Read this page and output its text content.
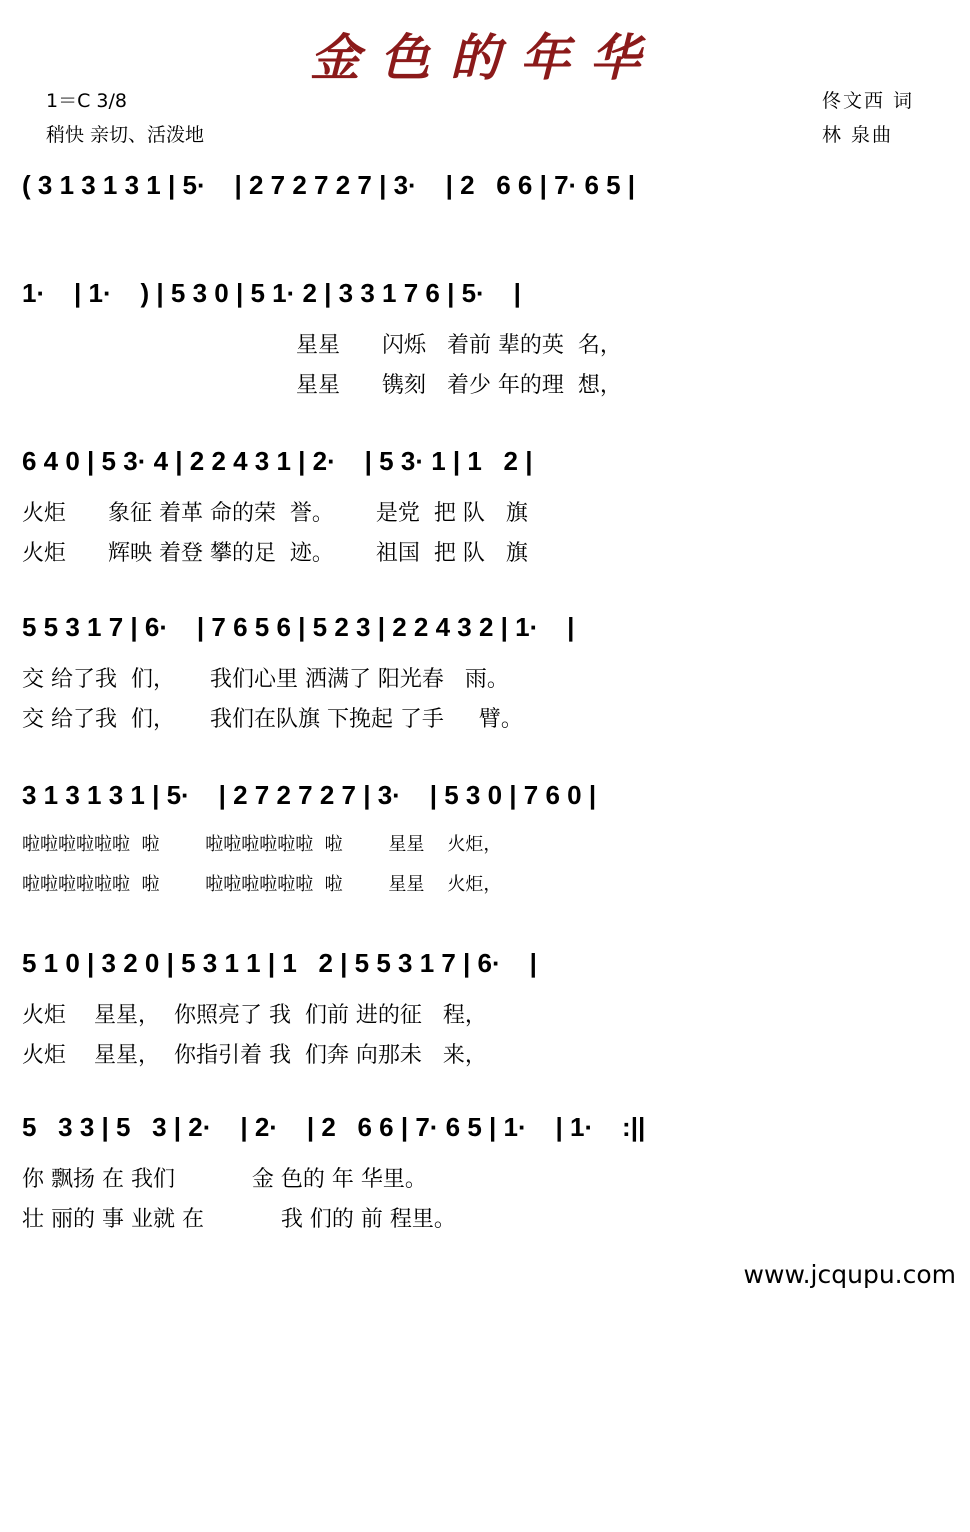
金色的年华
1＝C 3/8
稍快 亲切、活泼地
佟文西 词
林 泉曲
( 3 1 3 1 3 1 | 5·    | 2 7 2 7 2 7 | 3·    | 2   6 6 | 7· 6 5 |
1·    | 1·    ) | 5 3 0 | 5 1· 2 | 3 3 1 7 6 | 5·    |
星星      闪烁   着前 辈的英  名，
星星      镌刻   着少 年的理  想，
6 4 0 | 5 3· 4 | 2 2 4 3 1 | 2·    | 5 3· 1 | 1   2 |
火炬      象征 着革 命的荣  誉。      是党  把 队   旗
火炬      辉映 着登 攀的足  迹。      祖国  把 队   旗
5 5 3 1 7 | 6·    | 7 6 5 6 | 5 2 3 | 2 2 4 3 2 | 1·    |
交 给了我  们，     我们心里 洒满了 阳光春   雨。
交 给了我  们，     我们在队旗 下挽起 了手     臂。
3 1 3 1 3 1 | 5·    | 2 7 2 7 2 7 | 3·    | 5 3 0 | 7 6 0 |
啦啦啦啦啦啦  啦        啦啦啦啦啦啦  啦        星星    火炬，
啦啦啦啦啦啦  啦        啦啦啦啦啦啦  啦        星星    火炬，
5 1 0 | 3 2 0 | 5 3 1 1 | 1   2 | 5 5 3 1 7 | 6·    |
火炬    星星，  你照亮了 我  们前 进的征   程，
火炬    星星，  你指引着 我  们奔 向那未   来，
5   3 3 | 5   3 | 2·    | 2·    | 2   6 6 | 7· 6 5 | 1·    | 1·    :||
你 飘扬 在 我们           金 色的 年 华里。
壮 丽的 事 业就 在           我 们的 前 程里。
www.jcqupu.com
